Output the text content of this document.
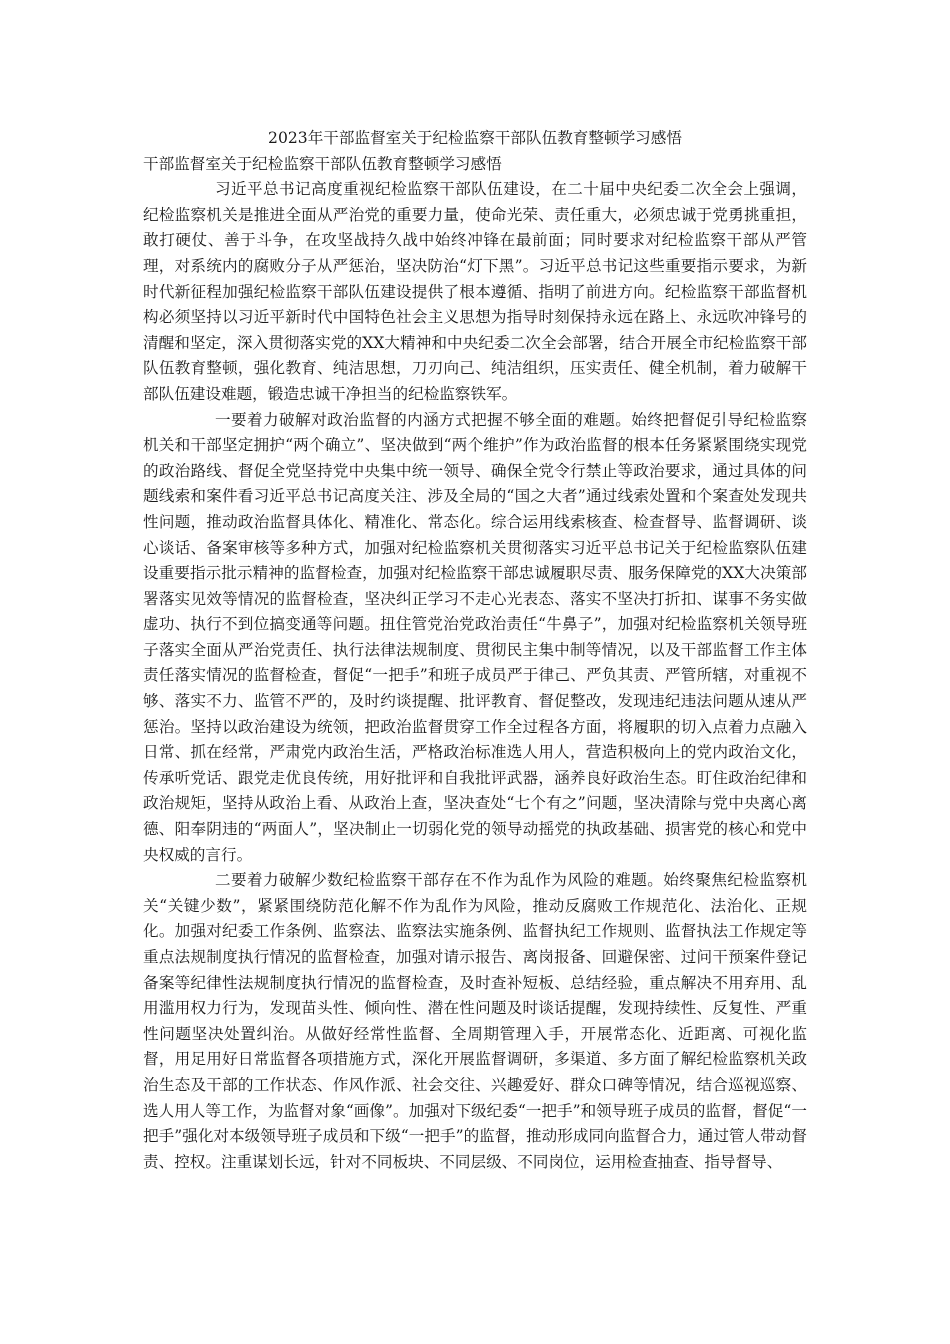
2023年干部监督室关于纪检监察干部队伍教育整顿学习感悟

干部监督室关于纪检监察干部队伍教育整顿学习感悟

习近平总书记高度重视纪检监察干部队伍建设，在二十届中央纪委二次全会上强调，纪检监察机关是推进全面从严治党的重要力量，使命光荣、责任重大，必须忠诚于党勇挑重担，敢打硬仗、善于斗争，在攻坚战持久战中始终冲锋在最前面；同时要求对纪检监察干部从严管理，对系统内的腐败分子从严惩治，坚决防治“灯下黑”。习近平总书记这些重要指示要求，为新时代新征程加强纪检监察干部队伍建设提供了根本遵循、指明了前进方向。纪检监察干部监督机构必须坚持以习近平新时代中国特色社会主义思想为指导时刻保持永远在路上、永远吹冲锋号的清醒和坚定，深入贯彻落实党的XX大精神和中央纪委二次全会部署，结合开展全市纪检监察干部队伍教育整顿，强化教育、纯洁思想，刀刃向己、纯洁组织，压实责任、健全机制，着力破解干部队伍建设难题，锻造忠诚干净担当的纪检监察铁军。

一要着力破解对政治监督的内涵方式把握不够全面的难题。始终把督促引导纪检监察机关和干部坚定拥护“两个确立”、坚决做到“两个维护”作为政治监督的根本任务紧紧围绕实现党的政治路线、督促全党坚持党中央集中统一领导、确保全党令行禁止等政治要求，通过具体的问题线索和案件看习近平总书记高度关注、涉及全局的“国之大者”通过线索处置和个案查处发现共性问题，推动政治监督具体化、精准化、常态化。综合运用线索核查、检查督导、监督调研、谈心谈话、备案审核等多种方式，加强对纪检监察机关贯彻落实习近平总书记关于纪检监察队伍建设重要指示批示精神的监督检查，加强对纪检监察干部忠诚履职尽责、服务保障党的XX大决策部署落实见效等情况的监督检查，坚决纠正学习不走心光表态、落实不坚决打折扣、谋事不务实做虚功、执行不到位搞变通等问题。扭住管党治党政治责任“牛鼻子”，加强对纪检监察机关领导班子落实全面从严治党责任、执行法律法规制度、贯彻民主集中制等情况，以及干部监督工作主体责任落实情况的监督检查，督促“一把手”和班子成员严于律己、严负其责、严管所辖，对重视不够、落实不力、监管不严的，及时约谈提醒、批评教育、督促整改，发现违纪违法问题从速从严惩治。坚持以政治建设为统领，把政治监督贯穿工作全过程各方面，将履职的切入点着力点融入日常、抓在经常，严肃党内政治生活，严格政治标准选人用人，营造积极向上的党内政治文化，传承听党话、跟党走优良传统，用好批评和自我批评武器，涵养良好政治生态。盯住政治纪律和政治规矩，坚持从政治上看、从政治上查，坚决查处“七个有之”问题，坚决清除与党中央离心离德、阳奉阴违的“两面人”，坚决制止一切弱化党的领导动摇党的执政基础、损害党的核心和党中央权威的言行。

二要着力破解少数纪检监察干部存在不作为乱作为风险的难题。始终聚焦纪检监察机关“关键少数”，紧紧围绕防范化解不作为乱作为风险，推动反腐败工作规范化、法治化、正规化。加强对纪委工作条例、监察法、监察法实施条例、监督执纪工作规则、监督执法工作规定等重点法规制度执行情况的监督检查，加强对请示报告、离岗报备、回避保密、过问干预案件登记备案等纪律性法规制度执行情况的监督检查，及时查补短板、总结经验，重点解决不用弃用、乱用滥用权力行为，发现苗头性、倾向性、潜在性问题及时谈话提醒，发现持续性、反复性、严重性问题坚决处置纠治。从做好经常性监督、全周期管理入手，开展常态化、近距离、可视化监督，用足用好日常监督各项措施方式，深化开展监督调研，多渠道、多方面了解纪检监察机关政治生态及干部的工作状态、作风作派、社会交往、兴趣爱好、群众口碑等情况，结合巡视巡察、选人用人等工作，为监督对象“画像”。加强对下级纪委“一把手”和领导班子成员的监督，督促“一把手”强化对本级领导班子成员和下级“一把手”的监督，推动形成同向监督合力，通过管人带动督责、控权。注重谋划长远，针对不同板块、不同层级、不同岗位，运用检查抽查、指导督导、
